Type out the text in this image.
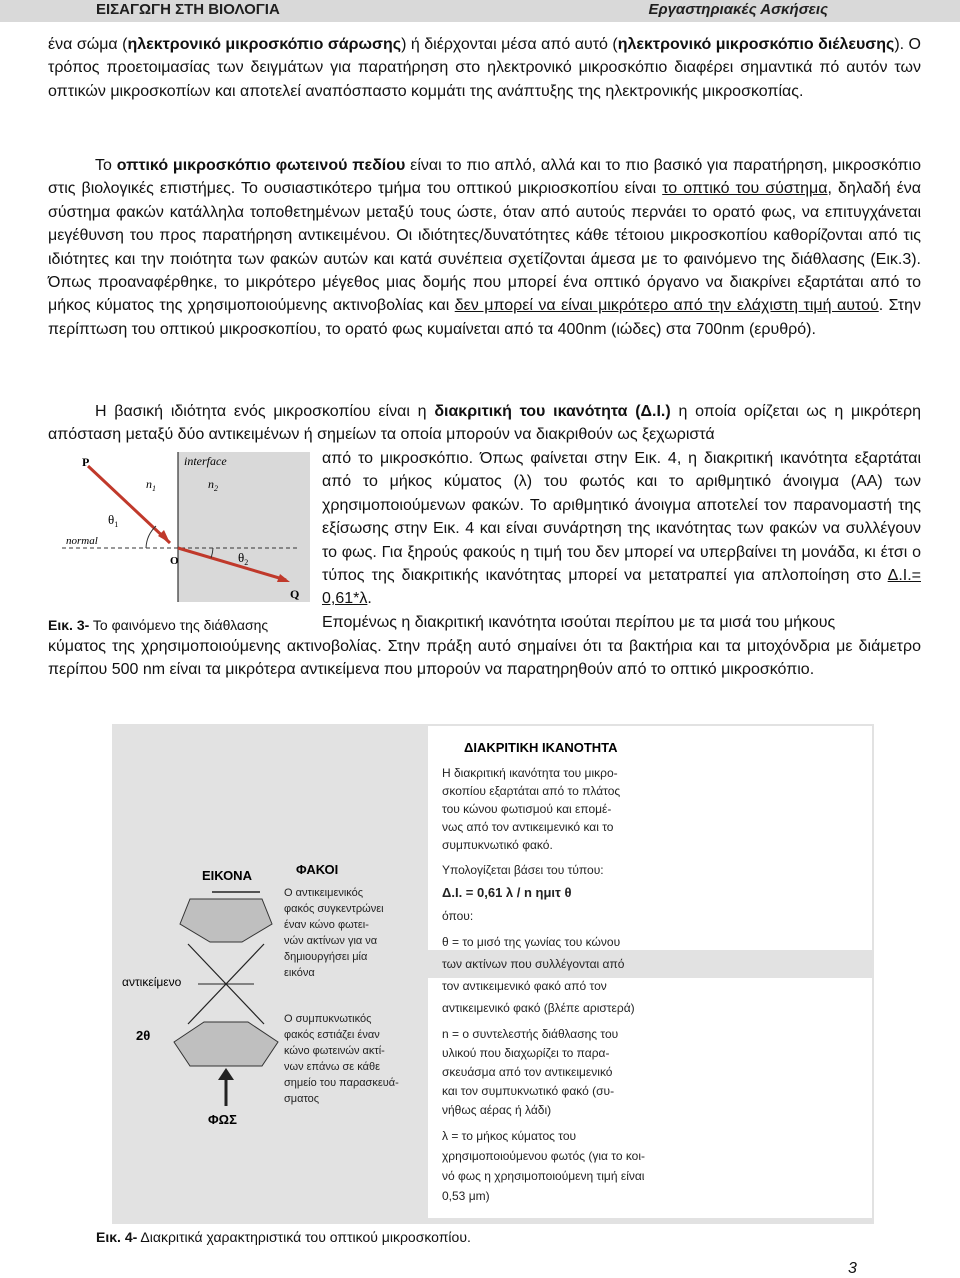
ΕΙΣΑΓΩΓΗ ΣΤΗ ΒΙΟΛΟΓΙΑ	Εργαστηριακές Ασκήσεις

ένα σώμα (ηλεκτρονικό μικροσκόπιο σάρωσης) ή διέρχονται μέσα από αυτό (ηλεκτρονικό μικροσκόπιο διέλευσης). Ο τρόπος προετοιμασίας των δειγμάτων για παρατήρηση στο ηλεκτρονικό μικροσκόπιο διαφέρει σημαντικά πό αυτόν των οπτικών μικροσκοπίων και αποτελεί αναπόσπαστο κομμάτι της ανάπτυξης της ηλεκτρονικής μικροσκοπίας.

Το οπτικό μικροσκόπιο φωτεινού πεδίου είναι το πιο απλό, αλλά και το πιο βασικό για παρατήρηση, μικροσκόπιο στις βιολογικές επιστήμες. Το ουσιαστικότερο τμήμα του οπτικού μικριοσκοπίου είναι το οπτικό του σύστημα, δηλαδή ένα σύστημα φακών κατάλληλα τοποθετημένων μεταξύ τους ώστε, όταν από αυτούς περνάει το ορατό φως, να επιτυγχάνεται μεγέθυνση του προς παρατήρηση αντικειμένου. Οι ιδιότητες/δυνατότητες κάθε τέτοιου μικροσκοπίου καθορίζονται από τις ιδιότητες και την ποιότητα των φακών αυτών και κατά συνέπεια σχετίζονται άμεσα με το φαινόμενο της διάθλασης (Εικ.3). Όπως προαναφέρθηκε, το μικρότερο μέγεθος μιας δομής που μπορεί ένα οπτικό όργανο να διακρίνει εξαρτάται από το μήκος κύματος της χρησιμοποιούμενης ακτινοβολίας και δεν μπορεί να είναι μικρότερο από την ελάχιστη τιμή αυτού. Στην περίπτωση του οπτικού μικροσκοπίου, το ορατό φως κυμαίνεται από τα 400nm (ιώδες) στα 700nm (ερυθρό).

Η βασική ιδιότητα ενός μικροσκοπίου είναι η διακριτική του ικανότητα (Δ.Ι.) η οποία ορίζεται ως η μικρότερη απόσταση μεταξύ δύο αντικειμένων ή σημείων τα οποία μπορούν να διακριθούν ως ξεχωριστά

από το μικροσκόπιο. Όπως φαίνεται στην Εικ. 4, η διακριτική ικανότητα εξαρτάται από το μήκος κύματος (λ) του φωτός και το αριθμητικό άνοιγμα (ΑΑ) των χρησιμοποιούμενων φακών. Το αριθμητικό άνοιγμα αποτελεί τον παρανομαστή της εξίσωσης στην Εικ. 4 και είναι συνάρτηση της ικανότητας των φακών να συλλέγουν το φως. Για ξηρούς φακούς η τιμή του δεν μπορεί να υπερβαίνει τη μονάδα, κι έτσι ο τύπος της διακριτικής ικανότητας μπορεί να μετατραπεί για απλοποίηση στο Δ.Ι.= 0,61*λ.

Επομένως η διακριτική ικανότητα ισούται περίπου με τα μισά του μήκους

κύματος της χρησιμοποιούμενης ακτινοβολίας. Στην πράξη αυτό σημαίνει ότι τα βακτήρια και τα μιτοχόνδρια με διάμετρο περίπου 500 nm είναι τα μικρότερα αντικείμενα που μπορούν να παρατηρηθούν από το οπτικό μικροσκόπιο.

P	interface
$n_1$	$n_2$
$\theta_1$
normal
O	$\theta_2$
Q
Εικ. 3- Το φαινόμενο της διάθλασης
ΔΙΑΚΡΙΤΙΚΗ ΙΚΑΝΟΤΗΤΑ
Η διακριτική ικανότητα του μικρο-
σκοπίου εξαρτάται από το πλάτος
του κώνου φωτισμού και επομέ-
νως από τον αντικειμενικό και το
συμπυκνωτικό φακό.
Υπολογίζεται βάσει του τύπου:
Δ.Ι. = 0,61 λ / n ημιτ θ
όπου:
θ = το μισό της γωνίας του κώνου
των ακτίνων που συλλέγονται από
τον αντικειμενικό φακό από τον
αντικειμενικό φακό (βλέπε αριστερά)
n = ο συντελεστής διάθλασης του
υλικού που διαχωρίζει το παρα-
σκευάσμα από τον αντικειμενικό
και τον συμπυκνωτικό φακό (συ-
νήθως αέρας ή λάδι)
λ = το μήκος κύματος του
χρησιμοποιούμενου φωτός (για το κοι-
νό φως η χρησιμοποιούμενη τιμή είναι
0,53 μm)
ΕΙΚΟΝΑ	ΦΑΚΟΙ
αντικείμενο
2θ
ΦΩΣ
Ο αντικειμενικός
φακός συγκεντρώνει
έναν κώνο φωτει-
νών ακτίνων για να
δημιουργήσει μία
εικόνα
Ο συμπυκνωτικός
φακός εστιάζει έναν
κώνο φωτεινών ακτί-
νων επάνω σε κάθε
σημείο του παρασκευά-
σματος
Εικ. 4- Διακριτικά χαρακτηριστικά του οπτικού μικροσκοπίου.
3
